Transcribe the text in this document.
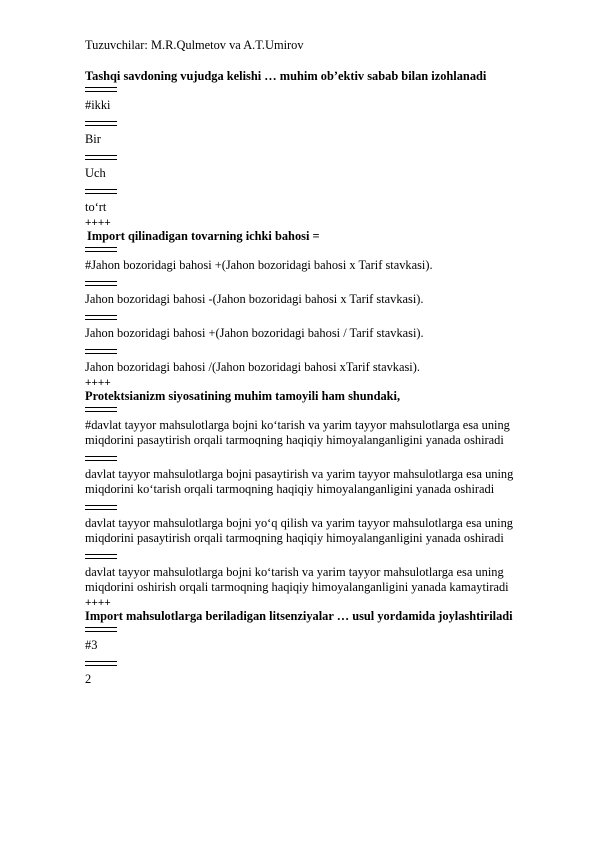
Tuzuvchilar: M.R.Qulmetov va A.T.Umirov
Tashqi savdoning vujudga kelishi … muhim ob’ektiv sabab bilan izohlanadi
#ikki
Bir
Uch
to‘rt
++++
Import qilinadigan tovarning ichki bahosi =
#Jahon bozoridagi bahosi +(Jahon bozoridagi bahosi x Tarif stavkasi).
Jahon bozoridagi bahosi -(Jahon bozoridagi bahosi x Tarif stavkasi).
Jahon bozoridagi bahosi +(Jahon bozoridagi bahosi / Tarif stavkasi).
Jahon bozoridagi bahosi /(Jahon bozoridagi bahosi xTarif stavkasi).
++++
Protektsianizm siyosatining muhim tamoyili ham shundaki,
#davlat tayyor mahsulotlarga bojni ko‘tarish va yarim tayyor mahsulotlarga esa uning miqdorini pasaytirish orqali tarmoqning haqiqiy himoyalanganligini yanada oshiradi
davlat tayyor mahsulotlarga bojni pasaytirish va yarim tayyor mahsulotlarga esa uning miqdorini ko‘tarish orqali tarmoqning haqiqiy himoyalanganligini yanada oshiradi
davlat tayyor mahsulotlarga bojni yo‘q qilish va yarim tayyor mahsulotlarga esa uning miqdorini pasaytirish orqali tarmoqning haqiqiy himoyalanganligini yanada oshiradi
davlat tayyor mahsulotlarga bojni ko‘tarish va yarim tayyor mahsulotlarga esa uning miqdorini oshirish orqali tarmoqning haqiqiy himoyalanganligini yanada kamaytiradi
++++
Import mahsulotlarga beriladigan litsenziyalar … usul yordamida joylashtiriladi
#3
2
